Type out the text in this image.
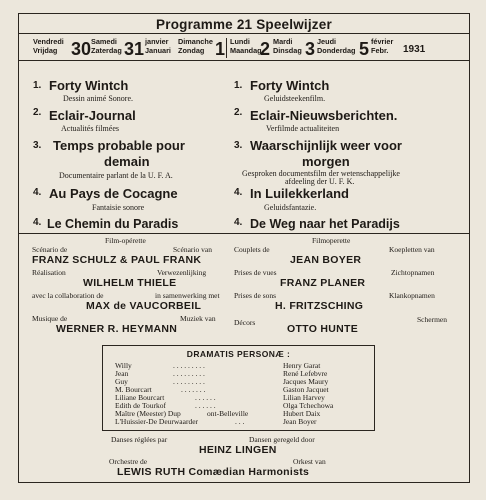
Programme 21 Speelwijzer
Vendredi
Vrijdag 30 Samedi
Zaterdag 31 janvier
Januari
Dimanche
Zondag 1 Lundi
Maandag
2 Mardi
Dinsdag 3 Jeudi
Donderdag 5 février
Febr.	1931
1. Forty Wintch
Dessin animé Sonore.
2. Eclair-Journal
Actualités filmées
3. Temps probable pour
demain
Documentaire parlant de la U. F. A.
4. Au Pays de Cocagne
Fantaisie sonore
4. Le Chemin du Paradis
1. Forty Wintch
Geluidsteekenfilm.
2. Eclair-Nieuwsberichten.
Verfilmde actualiteiten
3. Waarschijnlijk weer voor
morgen
Gesproken documentsfilm der wetenschappelijke
afdeeling der U. F. K.
4. In Luilekkerland
Geluidsfantazie.
4. De Weg naar het Paradijs
Film-opérette
Scénario de	Scénario van
FRANZ SCHULZ & PAUL FRANK
Réalisation	Verwezenlijking
WILHELM THIELE
avec la collaboration de	in samenwerking met
MAX de VAUCORBEIL
Musique de	Muziek van
WERNER R. HEYMANN
Filmoperette
Couplets de	Koepletten van
JEAN BOYER
Prises de vues	Zichtopnamen
FRANZ PLANER
Prises de sons	Klankopnamen
H. FRITZSCHING
Décors	Schermen
OTTO HUNTE
DRAMATIS PERSONÆ :
Willy	. . . . . . . . .	Henry Garat
Jean	. . . . . . . . .	René Lefebvre
Guy	. . . . . . . . .	Jacques Maury
M. Bourcart	. . . . . . .	Gaston Jacquet
Liliane Bourcart	. . . . . .	Lilian Harvey
Edith de Tourkof	. . . . . .	Olga Tchechowa
Maître (Meester) Dup	ont-Belleville	Hubert Daix
L'Huissier-De Deurwaarder	. . .	Jean Boyer
Danses réglées par	Dansen geregeld door
HEINZ LINGEN
Orchestre de	Orkest van
LEWIS RUTH Comædian Harmonists
